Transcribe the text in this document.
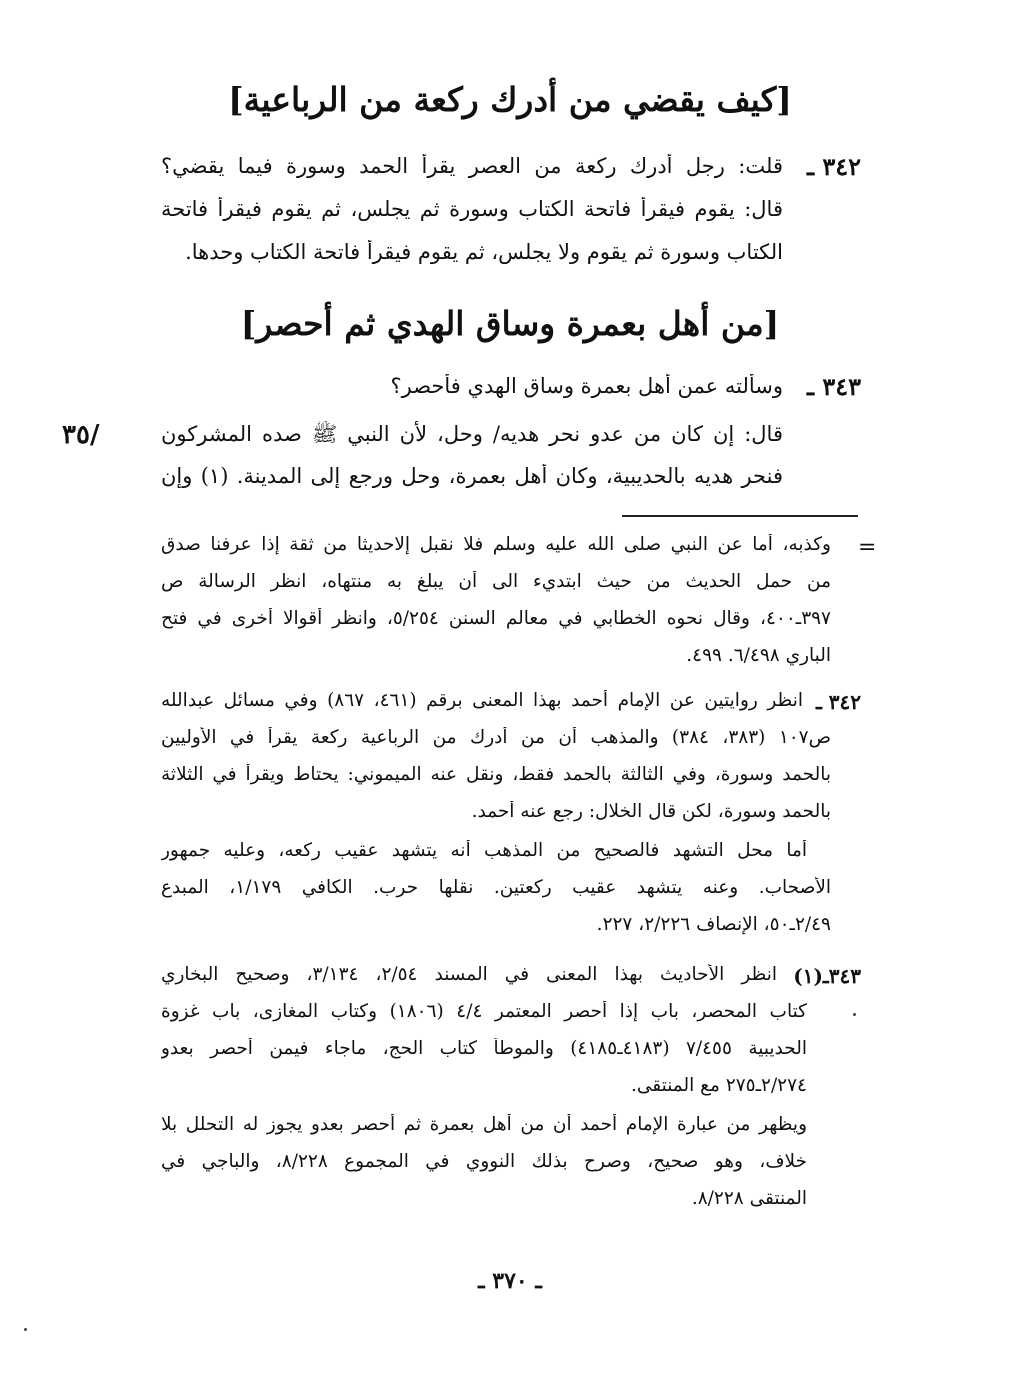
[كيف يقضي من أدرك ركعة من الرباعية]
٣٤٢ ـ
قلت: رجل أدرك ركعة من العصر يقرأ الحمد وسورة فيما يقضي؟
قال: يقوم فيقرأ فاتحة الكتاب وسورة ثم يجلس، ثم يقوم فيقرأ فاتحة
الكتاب وسورة ثم يقوم ولا يجلس، ثم يقوم فيقرأ فاتحة الكتاب وحدها.
[من أهل بعمرة وساق الهدي ثم أحصر]
٣٤٣ ـ
وسألته عمن أهل بعمرة وساق الهدي فأحصر؟
قال: إن كان من عدو نحر هديه/ وحل، لأن النبي ﷺ صده المشركون
فنحر هديه بالحديبية، وكان أهل بعمرة، وحل ورجع إلى المدينة. (١) وإن
٣٥/
=
وكذبه، أما عن النبي صلى الله عليه وسلم فلا نقبل إلاحديثا من ثقة إذا عرفنا صدق
من حمل الحديث من حيث ابتديء الى أن يبلغ به منتهاه، انظر الرسالة ص
٣٩٧ـ٤٠٠، وقال نحوه الخطابي في معالم السنن ٥/٢٥٤، وانظر أقوالا أخرى في فتح
الباري ٦/٤٩٨. ٤٩٩.
٣٤٢ ـ
انظر روايتين عن الإمام أحمد بهذا المعنى برقم (٤٦١، ٨٦٧) وفي مسائل عبدالله
ص١٠٧ (٣٨٣، ٣٨٤) والمذهب أن من أدرك من الرباعية ركعة يقرأ في الأوليين
بالحمد وسورة، وفي الثالثة بالحمد فقط، ونقل عنه الميموني: يحتاط ويقرأ في الثلاثة
بالحمد وسورة، لكن قال الخلال: رجع عنه أحمد.
أما محل التشهد فالصحيح من المذهب أنه يتشهد عقيب ركعه، وعليه جمهور
الأصحاب. وعنه يتشهد عقيب ركعتين. نقلها حرب. الكافي ١/١٧٩، المبدع
٢/٤٩ـ٥٠، الإنصاف ٢/٢٢٦، ٢٢٧.
٣٤٣ـ(١)
انظر الأحاديث بهذا المعنى في المسند ٢/٥٤، ٣/١٣٤، وصحيح البخاري
كتاب المحصر، باب إذا أحصر المعتمر ٤/٤ (١٨٠٦) وكتاب المغازى، باب غزوة
الحديبية ٧/٤٥٥ (٤١٨٣ـ٤١٨٥) والموطأ كتاب الحج، ماجاء فيمن أحصر بعدو
٢/٢٧٤ـ٢٧٥ مع المنتقى.
ويظهر من عبارة الإمام أحمد أن من أهل بعمرة ثم أحصر بعدو يجوز له التحلل بلا
خلاف، وهو صحيح، وصرح بذلك النووي في المجموع ٨/٢٢٨، والباجي في
المنتقى ٨/٢٢٨.
ـ ٣٧٠ ـ
